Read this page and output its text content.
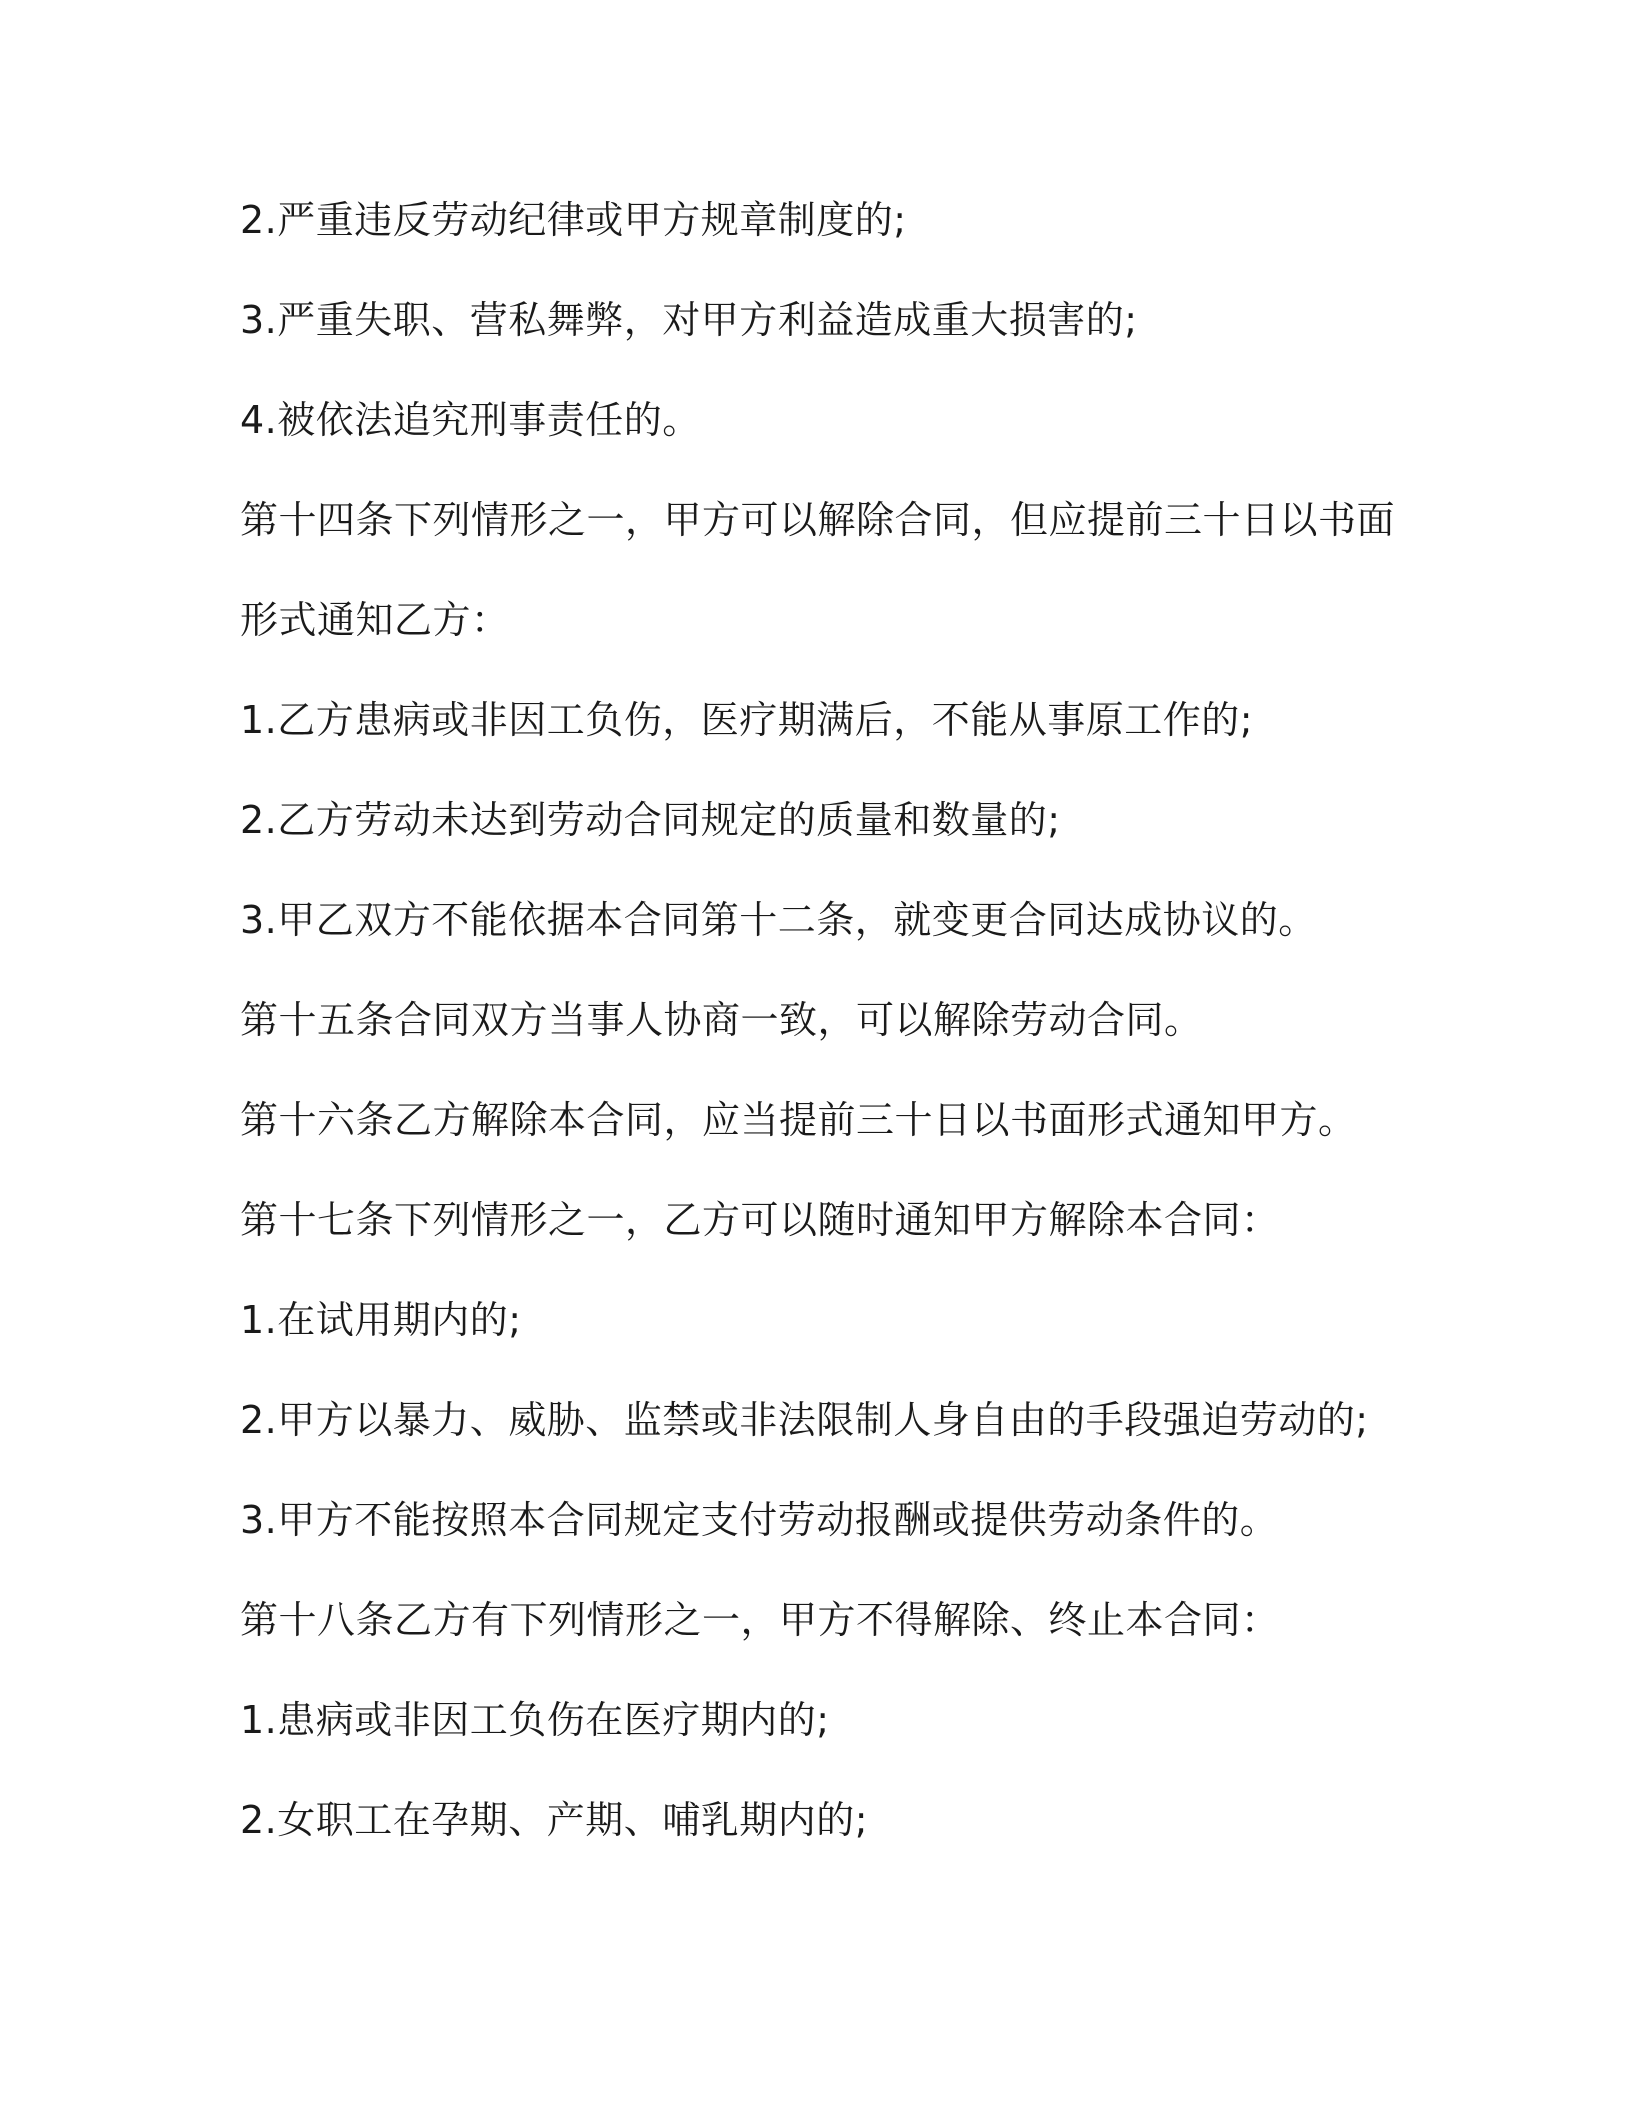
2.严重违反劳动纪律或甲方规章制度的;

3.严重失职、营私舞弊，对甲方利益造成重大损害的;

4.被依法追究刑事责任的。

第十四条下列情形之一，甲方可以解除合同，但应提前三十日以书面

形式通知乙方：

1.乙方患病或非因工负伤，医疗期满后，不能从事原工作的;

2.乙方劳动未达到劳动合同规定的质量和数量的;

3.甲乙双方不能依据本合同第十二条，就变更合同达成协议的。

第十五条合同双方当事人协商一致，可以解除劳动合同。

第十六条乙方解除本合同，应当提前三十日以书面形式通知甲方。

第十七条下列情形之一，乙方可以随时通知甲方解除本合同：

1.在试用期内的;

2.甲方以暴力、威胁、监禁或非法限制人身自由的手段强迫劳动的;

3.甲方不能按照本合同规定支付劳动报酬或提供劳动条件的。

第十八条乙方有下列情形之一，甲方不得解除、终止本合同：

1.患病或非因工负伤在医疗期内的;

2.女职工在孕期、产期、哺乳期内的;
